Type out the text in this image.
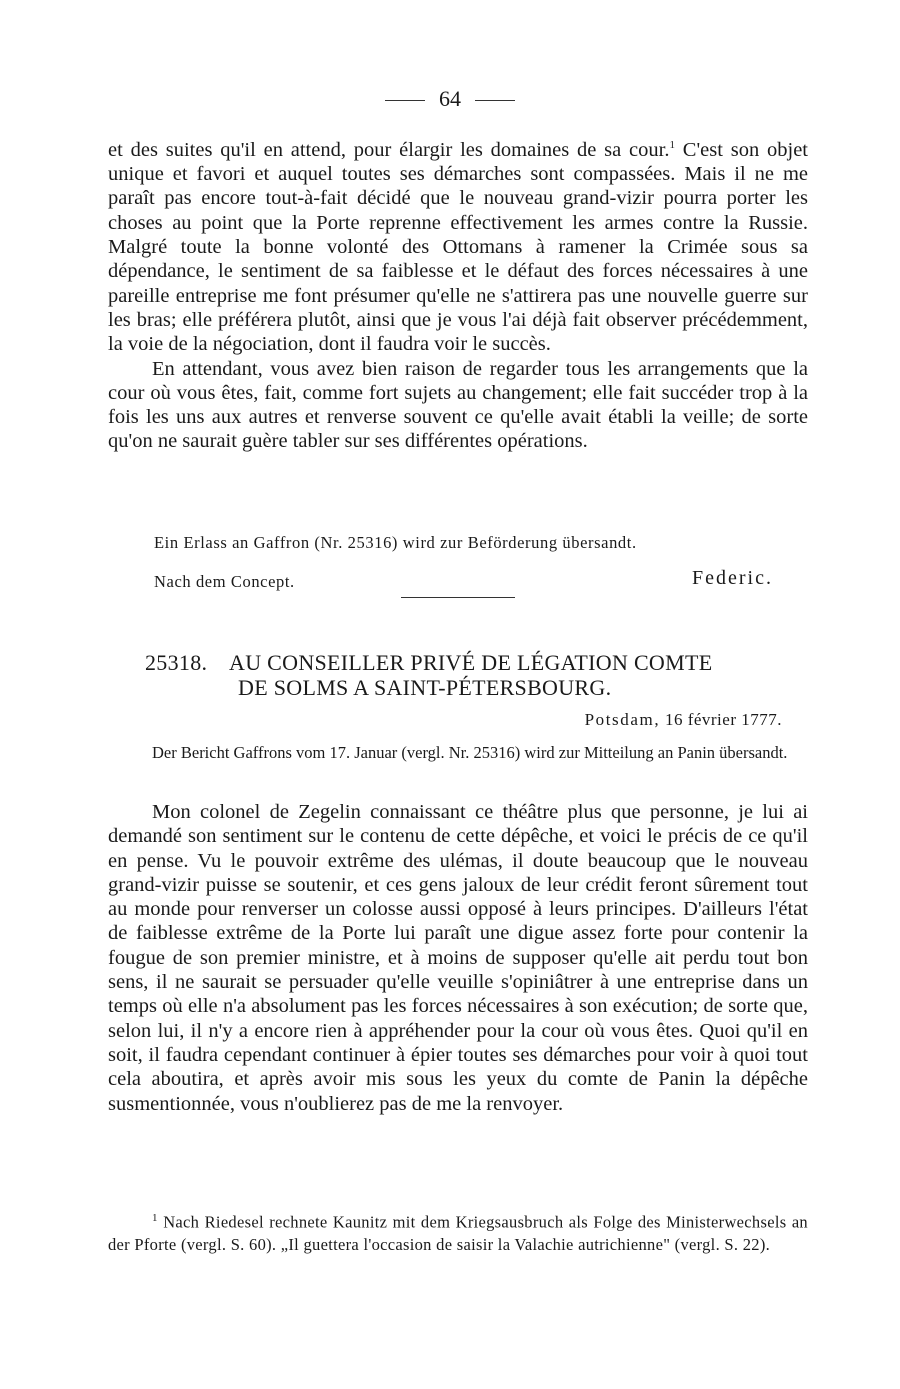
64

et des suites qu'il en attend, pour élargir les domaines de sa cour.$^1$ C'est son objet unique et favori et auquel toutes ses démarches sont compassées. Mais il ne me paraît pas encore tout-à-fait décidé que le nouveau grand-vizir pourra porter les choses au point que la Porte reprenne effectivement les armes contre la Russie. Malgré toute la bonne volonté des Ottomans à ramener la Crimée sous sa dépendance, le sentiment de sa faiblesse et le défaut des forces nécessaires à une pareille entreprise me font présumer qu'elle ne s'attirera pas une nouvelle guerre sur les bras; elle préférera plutôt, ainsi que je vous l'ai déjà fait observer précédemment, la voie de la négociation, dont il faudra voir le succès.

En attendant, vous avez bien raison de regarder tous les arrangements que la cour où vous êtes, fait, comme fort sujets au changement; elle fait succéder trop à la fois les uns aux autres et renverse souvent ce qu'elle avait établi la veille; de sorte qu'on ne saurait guère tabler sur ses différentes opérations.

Ein Erlass an Gaffron (Nr. 25316) wird zur Beförderung übersandt.
Nach dem Concept.	Federic.
25318. AU CONSEILLER PRIVÉ DE LÉGATION COMTE
DE SOLMS A SAINT-PÉTERSBOURG.
Potsdam, 16 février 1777.

Der Bericht Gaffrons vom 17. Januar (vergl. Nr. 25316) wird zur Mitteilung an Panin übersandt.

Mon colonel de Zegelin connaissant ce théâtre plus que personne, je lui ai demandé son sentiment sur le contenu de cette dépêche, et voici le précis de ce qu'il en pense. Vu le pouvoir extrême des ulémas, il doute beaucoup que le nouveau grand-vizir puisse se soutenir, et ces gens jaloux de leur crédit feront sûrement tout au monde pour renverser un colosse aussi opposé à leurs principes. D'ailleurs l'état de faiblesse extrême de la Porte lui paraît une digue assez forte pour contenir la fougue de son premier ministre, et à moins de supposer qu'elle ait perdu tout bon sens, il ne saurait se persuader qu'elle veuille s'opiniâtrer à une entreprise dans un temps où elle n'a absolument pas les forces nécessaires à son exécution; de sorte que, selon lui, il n'y a encore rien à appréhender pour la cour où vous êtes. Quoi qu'il en soit, il faudra cependant continuer à épier toutes ses démarches pour voir à quoi tout cela aboutira, et après avoir mis sous les yeux du comte de Panin la dépêche susmentionnée, vous n'oublierez pas de me la renvoyer.

$^1$ Nach Riedesel rechnete Kaunitz mit dem Kriegsausbruch als Folge des Ministerwechsels an der Pforte (vergl. S. 60). „Il guettera l'occasion de saisir la Valachie autrichienne" (vergl. S. 22).
